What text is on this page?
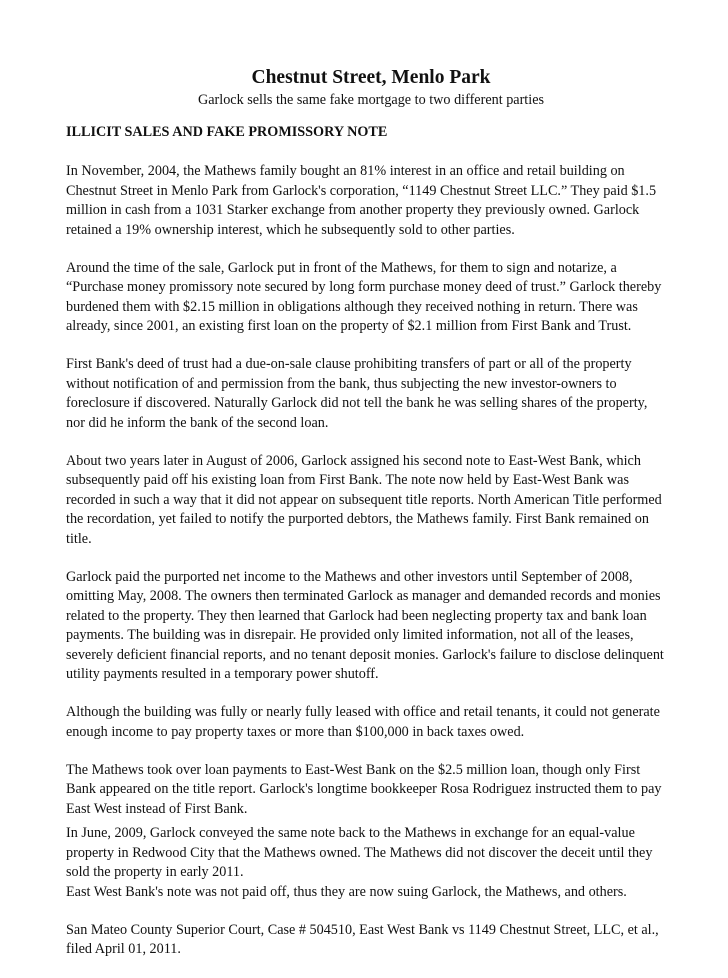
Chestnut Street, Menlo Park
Garlock sells the same fake mortgage to two different parties
ILLICIT SALES AND FAKE PROMISSORY NOTE

In November, 2004, the Mathews family bought an 81% interest in an office and retail building on Chestnut Street in Menlo Park from Garlock's corporation, “1149 Chestnut Street LLC.” They paid $1.5 million in cash from a 1031 Starker exchange from another property they previously owned. Garlock retained a 19% ownership interest, which he subsequently sold to other parties.

Around the time of the sale, Garlock put in front of the Mathews, for them to sign and notarize, a “Purchase money promissory note secured by long form purchase money deed of trust.” Garlock thereby burdened them with $2.15 million in obligations although they received nothing in return. There was already, since 2001, an existing first loan on the property of $2.1 million from First Bank and Trust.

First Bank's deed of trust had a due-on-sale clause prohibiting transfers of part or all of the property without notification of and permission from the bank, thus subjecting the new investor-owners to foreclosure if discovered. Naturally Garlock did not tell the bank he was selling shares of the property, nor did he inform the bank of the second loan.

About two years later in August of 2006, Garlock assigned his second note to East-West Bank, which subsequently paid off his existing loan from First Bank. The note now held by East-West Bank was recorded in such a way that it did not appear on subsequent title reports. North American Title performed the recordation, yet failed to notify the purported debtors, the Mathews family. First Bank remained on title.

Garlock paid the purported net income to the Mathews and other investors until September of 2008, omitting May, 2008. The owners then terminated Garlock as manager and demanded records and monies related to the property. They then learned that Garlock had been neglecting property tax and bank loan payments. The building was in disrepair. He provided only limited information, not all of the leases, severely deficient financial reports, and no tenant deposit monies. Garlock's failure to disclose delinquent utility payments resulted in a temporary power shutoff.

Although the building was fully or nearly fully leased with office and retail tenants, it could not generate enough income to pay property taxes or more than $100,000 in back taxes owed.

The Mathews took over loan payments to East-West Bank on the $2.5 million loan, though only First Bank appeared on the title report. Garlock's longtime bookkeeper Rosa Rodriguez instructed them to pay East West instead of First Bank.

In June, 2009, Garlock conveyed the same note back to the Mathews in exchange for an equal-value property in Redwood City that the Mathews owned. The Mathews did not discover the deceit until they sold the property in early 2011.

East West Bank's note was not paid off, thus they are now suing Garlock, the Mathews, and others.

San Mateo County Superior Court, Case # 504510, East West Bank vs 1149 Chestnut Street, LLC, et al., filed April 01, 2011.
